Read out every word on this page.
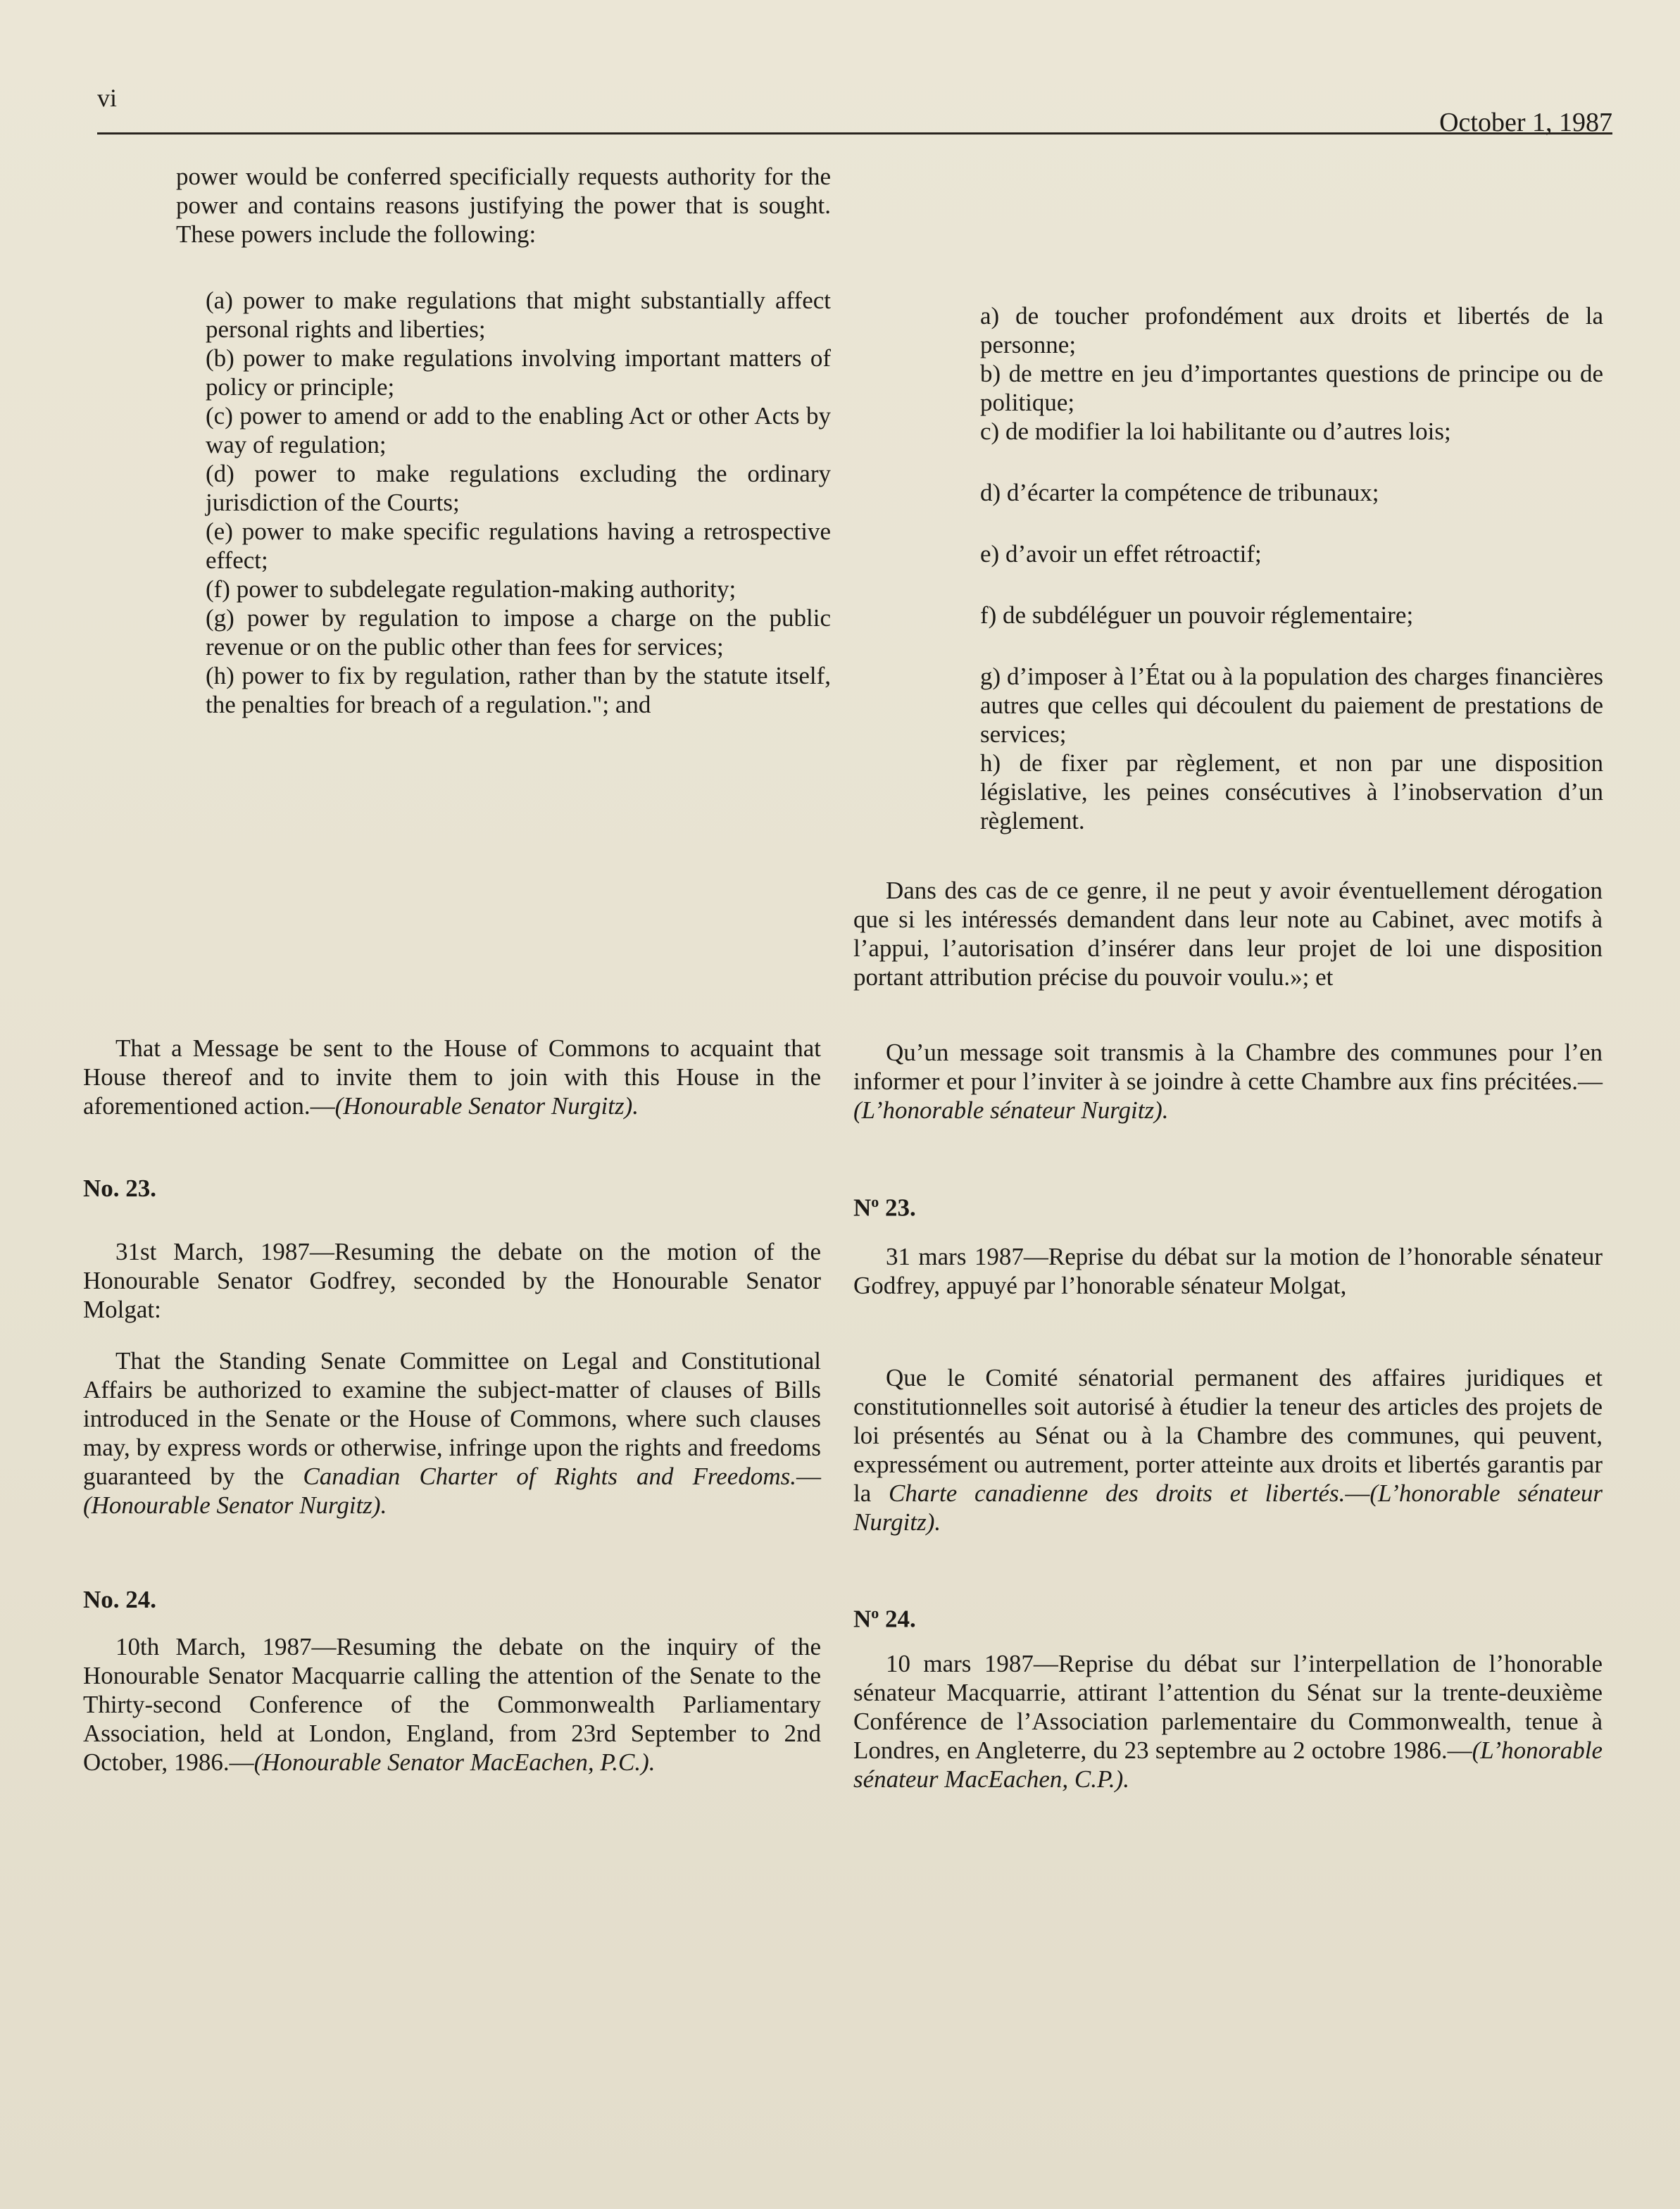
vi
October 1, 1987

power would be conferred specificially requests authority for the power and contains reasons justifying the power that is sought. These powers include the following:

(a) power to make regulations that might substantially affect personal rights and liberties;

(b) power to make regulations involving important matters of policy or principle;

(c) power to amend or add to the enabling Act or other Acts by way of regulation;

(d) power to make regulations excluding the ordinary jurisdiction of the Courts;

(e) power to make specific regulations having a retrospective effect;

(f) power to subdelegate regulation-making authority;

(g) power by regulation to impose a charge on the public revenue or on the public other than fees for services;

(h) power to fix by regulation, rather than by the statute itself, the penalties for breach of a regulation."; and

That a Message be sent to the House of Commons to acquaint that House thereof and to invite them to join with this House in the aforementioned action.—(Honourable Senator Nurgitz).

No. 23.

31st March, 1987—Resuming the debate on the motion of the Honourable Senator Godfrey, seconded by the Honourable Senator Molgat:

That the Standing Senate Committee on Legal and Constitutional Affairs be authorized to examine the subject-matter of clauses of Bills introduced in the Senate or the House of Commons, where such clauses may, by express words or otherwise, infringe upon the rights and freedoms guaranteed by the Canadian Charter of Rights and Freedoms.—(Honourable Senator Nurgitz).

No. 24.

10th March, 1987—Resuming the debate on the inquiry of the Honourable Senator Macquarrie calling the attention of the Senate to the Thirty-second Conference of the Commonwealth Parliamentary Association, held at London, England, from 23rd September to 2nd October, 1986.—(Honourable Senator MacEachen, P.C.).

a) de toucher profondément aux droits et libertés de la personne;

b) de mettre en jeu d’importantes questions de principe ou de politique;

c) de modifier la loi habilitante ou d’autres lois;

d) d’écarter la compétence de tribunaux;

e) d’avoir un effet rétroactif;

f) de subdéléguer un pouvoir réglementaire;

g) d’imposer à l’État ou à la population des charges financières autres que celles qui découlent du paiement de prestations de services;

h) de fixer par règlement, et non par une disposition législative, les peines consécutives à l’inobservation d’un règlement.

Dans des cas de ce genre, il ne peut y avoir éventuellement dérogation que si les intéressés demandent dans leur note au Cabinet, avec motifs à l’appui, l’autorisation d’insérer dans leur projet de loi une disposition portant attribution précise du pouvoir voulu.»; et

Qu’un message soit transmis à la Chambre des communes pour l’en informer et pour l’inviter à se joindre à cette Chambre aux fins précitées.—(L’honorable sénateur Nurgitz).

$N^o$ 23.

31 mars 1987—Reprise du débat sur la motion de l’honorable sénateur Godfrey, appuyé par l’honorable sénateur Molgat,

Que le Comité sénatorial permanent des affaires juridiques et constitutionnelles soit autorisé à étudier la teneur des articles des projets de loi présentés au Sénat ou à la Chambre des communes, qui peuvent, expressément ou autrement, porter atteinte aux droits et libertés garantis par la Charte canadienne des droits et libertés.—(L’honorable sénateur Nurgitz).

$N^o$ 24.

10 mars 1987—Reprise du débat sur l’interpellation de l’honorable sénateur Macquarrie, attirant l’attention du Sénat sur la trente-deuxième Conférence de l’Association parlementaire du Commonwealth, tenue à Londres, en Angleterre, du 23 septembre au 2 octobre 1986.—(L’honorable sénateur MacEachen, C.P.).
